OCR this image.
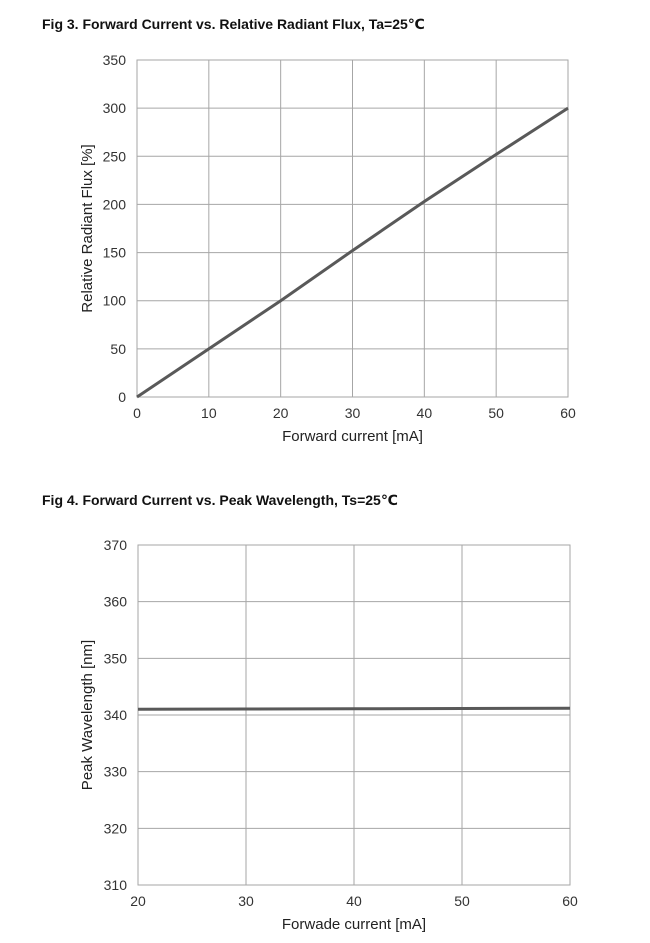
Fig 3. Forward Current vs. Relative Radiant Flux, Ta=25℃
Fig 4. Forward Current vs. Peak Wavelength, Ts=25℃
0	10	20	30	40	50	60
0
50
100
150
200
250
300
350
Forward current [mA]
Relative Radiant Flux [%]
20	30	40	50	60
310
320
330
340
350
360
370
Forwade current [mA]
Peak Wavelength [nm]
